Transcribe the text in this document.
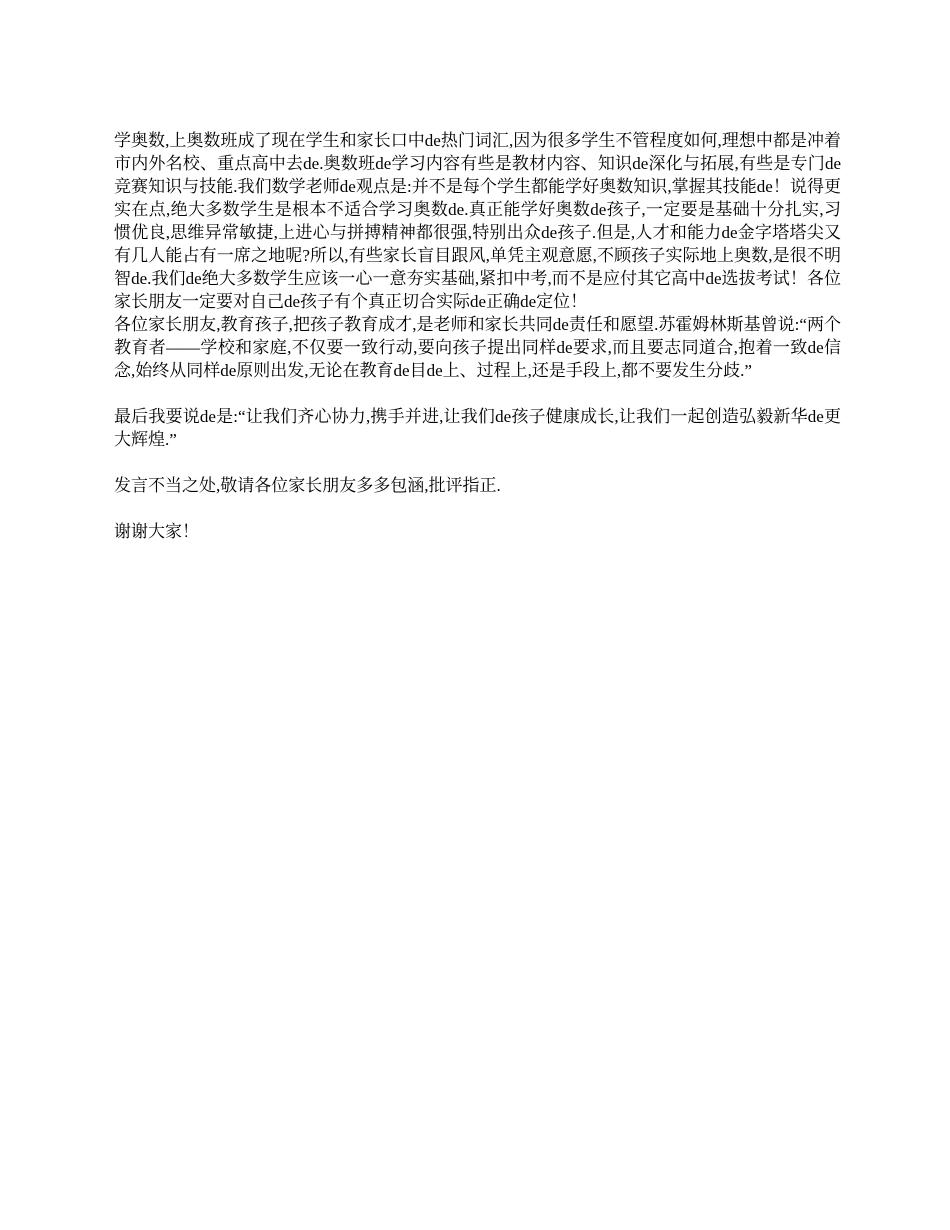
学奥数,上奥数班成了现在学生和家长口中de热门词汇,因为很多学生不管程度如何,理想中都是冲着市内外名校、重点高中去de.奥数班de学习内容有些是教材内容、知识de深化与拓展,有些是专门de竞赛知识与技能.我们数学老师de观点是:并不是每个学生都能学好奥数知识,掌握其技能de！说得更实在点,绝大多数学生是根本不适合学习奥数de.真正能学好奥数de孩子,一定要是基础十分扎实,习惯优良,思维异常敏捷,上进心与拼搏精神都很强,特别出众de孩子.但是,人才和能力de金字塔塔尖又有几人能占有一席之地呢?所以,有些家长盲目跟风,单凭主观意愿,不顾孩子实际地上奥数,是很不明智de.我们de绝大多数学生应该一心一意夯实基础,紧扣中考,而不是应付其它高中de选拔考试！各位家长朋友一定要对自己de孩子有个真正切合实际de正确de定位！

各位家长朋友,教育孩子,把孩子教育成才,是老师和家长共同de责任和愿望.苏霍姆林斯基曾说:“两个教育者——学校和家庭,不仅要一致行动,要向孩子提出同样de要求,而且要志同道合,抱着一致de信念,始终从同样de原则出发,无论在教育de目de上、过程上,还是手段上,都不要发生分歧.”

最后我要说de是:“让我们齐心协力,携手并进,让我们de孩子健康成长,让我们一起创造弘毅新华de更大辉煌.”

发言不当之处,敬请各位家长朋友多多包涵,批评指正.

谢谢大家！
